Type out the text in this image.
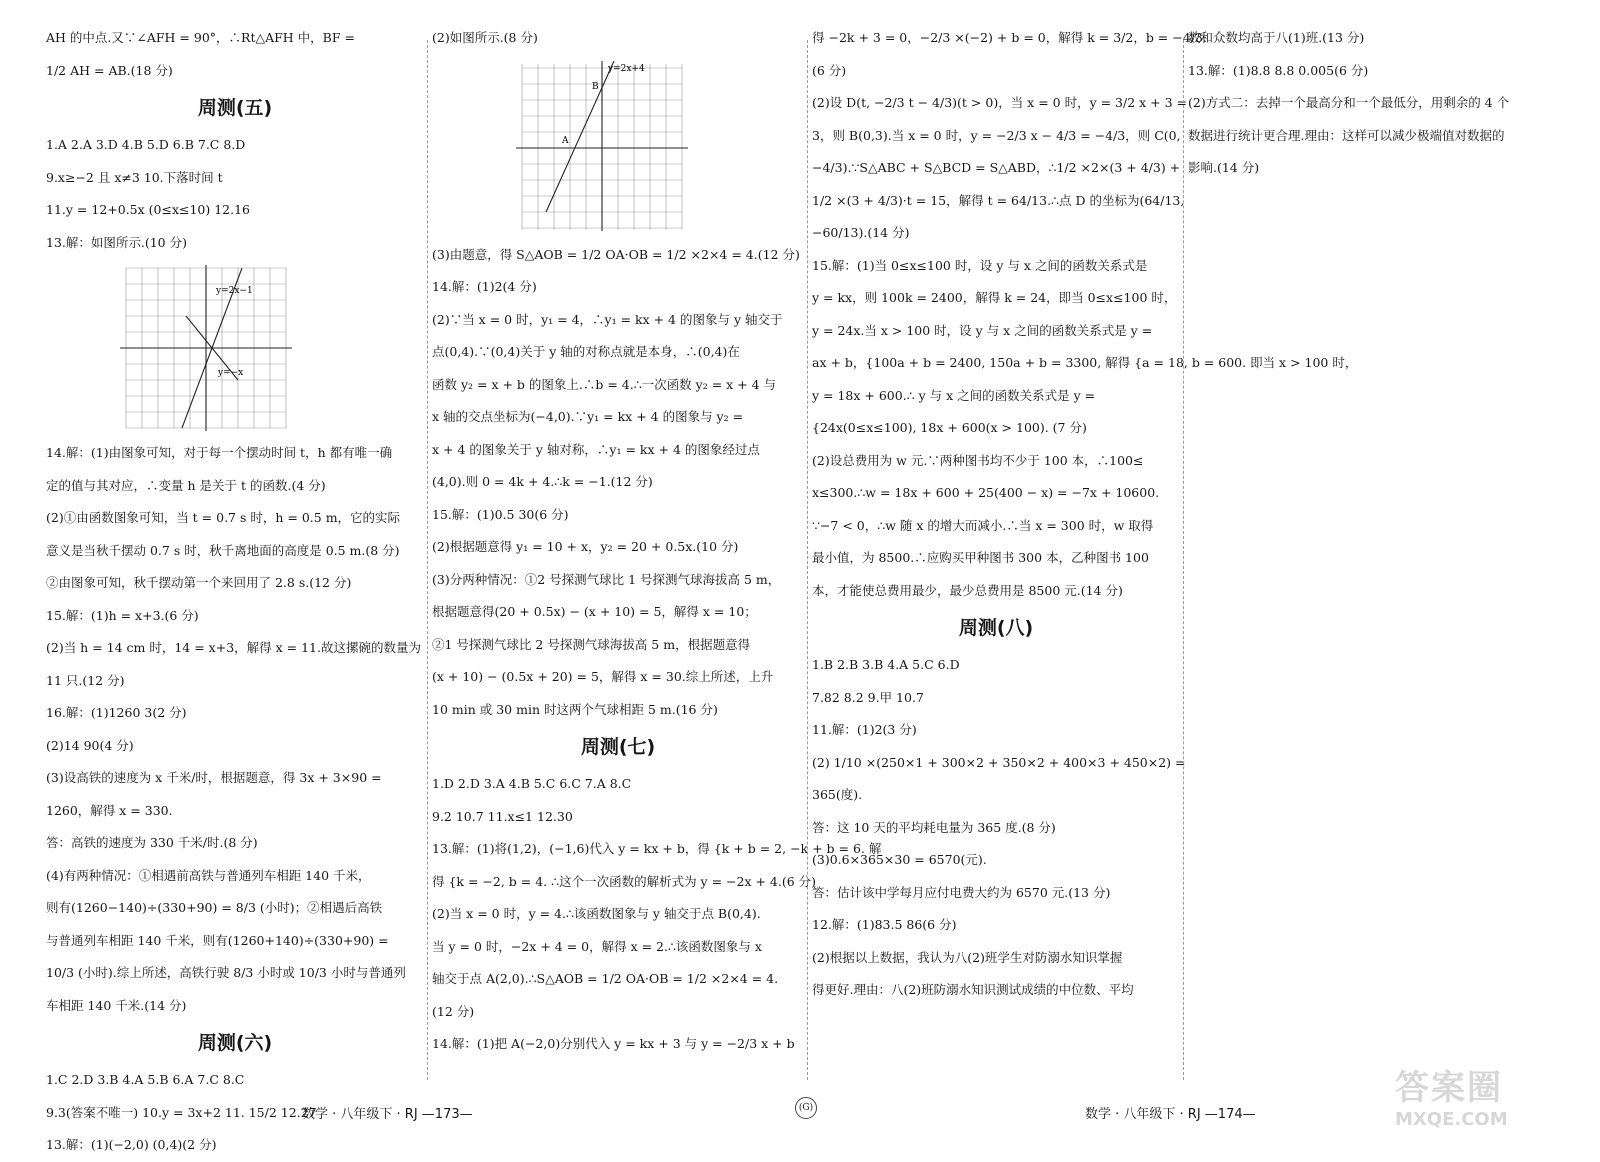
AH 的中点.又∵∠AFH = 90°，∴Rt△AFH 中，BF =

1/2 AH = AB.(18 分)

周测(五)

1.A 2.A 3.D 4.B 5.D 6.B 7.C 8.D

9.x≥−2 且 x≠3 10.下落时间 t

11.y = 12+0.5x (0≤x≤10) 12.16

13.解：如图所示.(10 分)

y=2x−1
y=−x

14.解：(1)由图象可知，对于每一个摆动时间 t，h 都有唯一确

定的值与其对应，∴变量 h 是关于 t 的函数.(4 分)

(2)①由函数图象可知，当 t = 0.7 s 时，h = 0.5 m，它的实际

意义是当秋千摆动 0.7 s 时，秋千离地面的高度是 0.5 m.(8 分)

②由图象可知，秋千摆动第一个来回用了 2.8 s.(12 分)

15.解：(1)h = x+3.(6 分)

(2)当 h = 14 cm 时，14 = x+3，解得 x = 11.故这摞碗的数量为

11 只.(12 分)

16.解：(1)1260 3(2 分)

(2)14 90(4 分)

(3)设高铁的速度为 x 千米/时，根据题意，得 3x + 3×90 =

1260，解得 x = 330.

答：高铁的速度为 330 千米/时.(8 分)

(4)有两种情况：①相遇前高铁与普通列车相距 140 千米，

则有(1260−140)÷(330+90) = 8/3 (小时)；②相遇后高铁

与普通列车相距 140 千米，则有(1260+140)÷(330+90) =

10/3 (小时).综上所述，高铁行驶 8/3 小时或 10/3 小时与普通列

车相距 140 千米.(14 分)

周测(六)

1.C 2.D 3.B 4.A 5.B 6.A 7.C 8.C

9.3(答案不唯一) 10.y = 3x+2 11. 15/2 12.27

13.解：(1)(−2,0) (0,4)(2 分)

(2)如图所示.(8 分)

y=2x+4
A
B

(3)由题意，得 S△AOB = 1/2 OA·OB = 1/2 ×2×4 = 4.(12 分)

14.解：(1)2(4 分)

(2)∵当 x = 0 时，y₁ = 4，∴y₁ = kx + 4 的图象与 y 轴交于

点(0,4).∵(0,4)关于 y 轴的对称点就是本身，∴(0,4)在

函数 y₂ = x + b 的图象上.∴b = 4.∴一次函数 y₂ = x + 4 与

x 轴的交点坐标为(−4,0).∵y₁ = kx + 4 的图象与 y₂ =

x + 4 的图象关于 y 轴对称，∴y₁ = kx + 4 的图象经过点

(4,0).则 0 = 4k + 4.∴k = −1.(12 分)

15.解：(1)0.5 30(6 分)

(2)根据题意得 y₁ = 10 + x，y₂ = 20 + 0.5x.(10 分)

(3)分两种情况：①2 号探测气球比 1 号探测气球海拔高 5 m，

根据题意得(20 + 0.5x) − (x + 10) = 5，解得 x = 10；

②1 号探测气球比 2 号探测气球海拔高 5 m，根据题意得

(x + 10) − (0.5x + 20) = 5，解得 x = 30.综上所述，上升

10 min 或 30 min 时这两个气球相距 5 m.(16 分)

周测(七)

1.D 2.D 3.A 4.B 5.C 6.C 7.A 8.C

9.2 10.7 11.x≤1 12.30

13.解：(1)将(1,2)，(−1,6)代入 y = kx + b，得 {k + b = 2, −k + b = 6. 解

得 {k = −2, b = 4. ∴这个一次函数的解析式为 y = −2x + 4.(6 分)

(2)当 x = 0 时，y = 4.∴该函数图象与 y 轴交于点 B(0,4).

当 y = 0 时，−2x + 4 = 0，解得 x = 2.∴该函数图象与 x

轴交于点 A(2,0).∴S△AOB = 1/2 OA·OB = 1/2 ×2×4 = 4.

(12 分)

14.解：(1)把 A(−2,0)分别代入 y = kx + 3 与 y = −2/3 x + b

得 −2k + 3 = 0，−2/3 ×(−2) + b = 0，解得 k = 3/2，b = −4/3.

(6 分)

(2)设 D(t, −2/3 t − 4/3)(t > 0)，当 x = 0 时，y = 3/2 x + 3 =

3，则 B(0,3).当 x = 0 时，y = −2/3 x − 4/3 = −4/3，则 C(0,

−4/3).∵S△ABC + S△BCD = S△ABD，∴1/2 ×2×(3 + 4/3) +

1/2 ×(3 + 4/3)·t = 15，解得 t = 64/13.∴点 D 的坐标为(64/13,

−60/13).(14 分)

15.解：(1)当 0≤x≤100 时，设 y 与 x 之间的函数关系式是

y = kx，则 100k = 2400，解得 k = 24，即当 0≤x≤100 时，

y = 24x.当 x > 100 时，设 y 与 x 之间的函数关系式是 y =

ax + b，{100a + b = 2400, 150a + b = 3300, 解得 {a = 18, b = 600. 即当 x > 100 时，

y = 18x + 600.∴ y 与 x 之间的函数关系式是 y =

{24x(0≤x≤100), 18x + 600(x > 100). (7 分)

(2)设总费用为 w 元.∵两种图书均不少于 100 本，∴100≤

x≤300.∴w = 18x + 600 + 25(400 − x) = −7x + 10600.

∵−7 < 0，∴w 随 x 的增大而减小.∴当 x = 300 时，w 取得

最小值，为 8500.∴应购买甲种图书 300 本，乙种图书 100

本，才能使总费用最少，最少总费用是 8500 元.(14 分)

周测(八)

1.B 2.B 3.B 4.A 5.C 6.D

7.82 8.2 9.甲 10.7

11.解：(1)2(3 分)

(2) 1/10 ×(250×1 + 300×2 + 350×2 + 400×3 + 450×2) =

365(度).

答：这 10 天的平均耗电量为 365 度.(8 分)

(3)0.6×365×30 = 6570(元).

答：估计该中学每月应付电费大约为 6570 元.(13 分)

12.解：(1)83.5 86(6 分)

(2)根据以上数据，我认为八(2)班学生对防溺水知识掌握

得更好.理由：八(2)班防溺水知识测试成绩的中位数、平均

数和众数均高于八(1)班.(13 分)

13.解：(1)8.8 8.8 0.005(6 分)

(2)方式二：去掉一个最高分和一个最低分，用剩余的 4 个

数据进行统计更合理.理由：这样可以减少极端值对数据的

影响.(14 分)

数学 · 八年级下 · RJ —173—	(G)	数学 · 八年级下 · RJ —174—
答案圈
MXQE.COM
